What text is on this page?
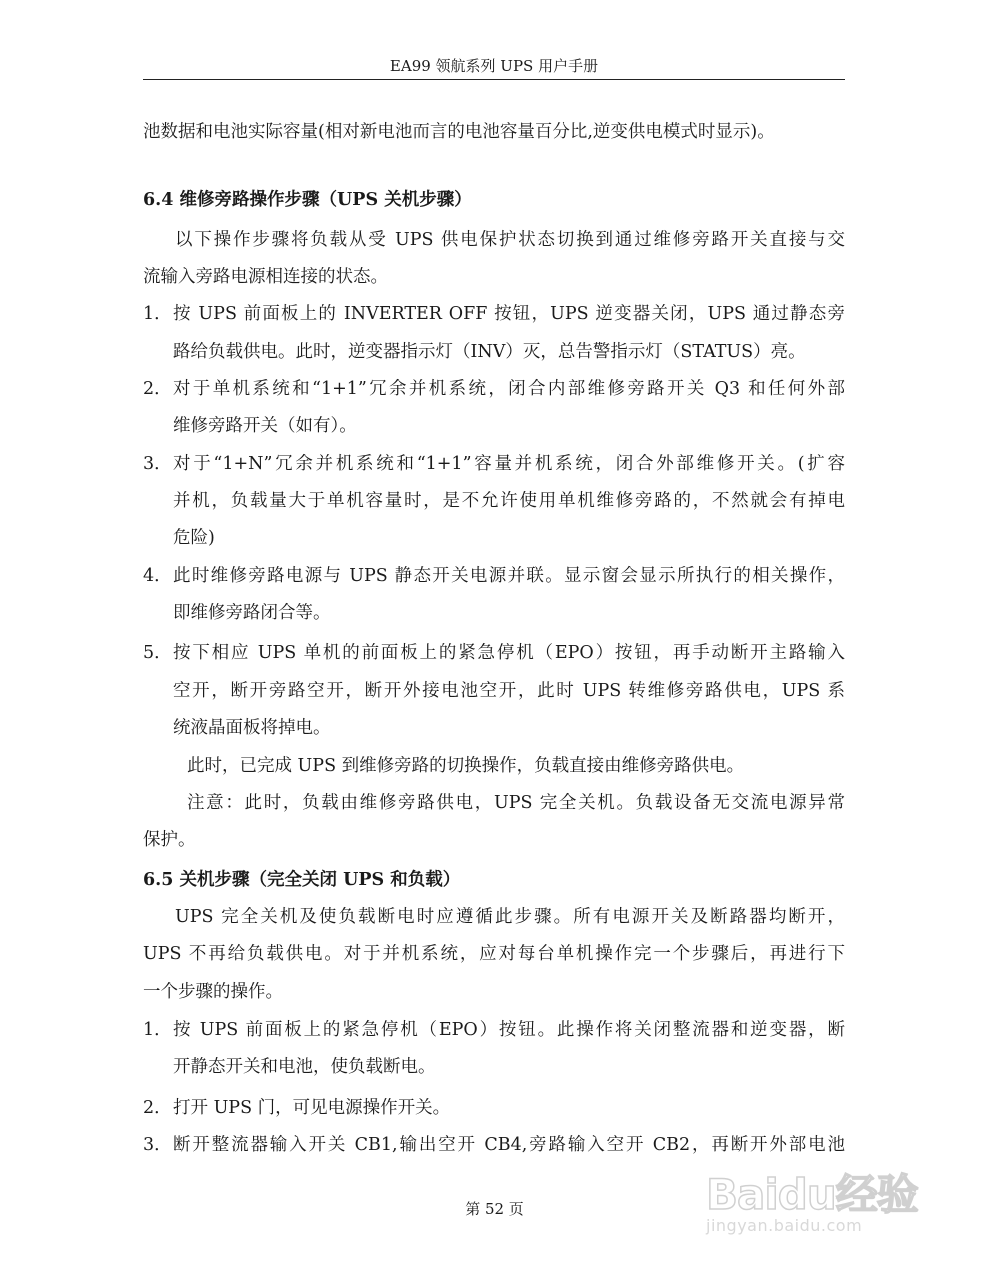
EA99 领航系列 UPS 用户手册
池数据和电池实际容量(相对新电池而言的电池容量百分比,逆变供电模式时显示)。
6.4 维修旁路操作步骤（UPS 关机步骤）
以下操作步骤将负载从受 UPS 供电保护状态切换到通过维修旁路开关直接与交
流输入旁路电源相连接的状态。
1． 按 UPS 前面板上的 INVERTER OFF 按钮，UPS 逆变器关闭，UPS 通过静态旁
路给负载供电。此时，逆变器指示灯（INV）灭，总告警指示灯（STATUS）亮。
2． 对于单机系统和“1+1”冗余并机系统，闭合内部维修旁路开关 Q3 和任何外部
维修旁路开关（如有）。
3． 对于“1+N”冗余并机系统和“1+1”容量并机系统，闭合外部维修开关。(扩容
并机，负载量大于单机容量时，是不允许使用单机维修旁路的，不然就会有掉电
危险)
4． 此时维修旁路电源与 UPS 静态开关电源并联。显示窗会显示所执行的相关操作，
即维修旁路闭合等。
5． 按下相应 UPS 单机的前面板上的紧急停机（EPO）按钮，再手动断开主路输入
空开，断开旁路空开，断开外接电池空开，此时 UPS 转维修旁路供电，UPS 系
统液晶面板将掉电。
此时，已完成 UPS 到维修旁路的切换操作，负载直接由维修旁路供电。
注意：此时，负载由维修旁路供电，UPS 完全关机。负载设备无交流电源异常
保护。
6.5 关机步骤（完全关闭 UPS 和负载）
UPS 完全关机及使负载断电时应遵循此步骤。所有电源开关及断路器均断开，
UPS 不再给负载供电。对于并机系统，应对每台单机操作完一个步骤后，再进行下
一个步骤的操作。
1． 按 UPS 前面板上的紧急停机（EPO）按钮。此操作将关闭整流器和逆变器，断
开静态开关和电池，使负载断电。
2． 打开 UPS 门，可见电源操作开关。
3． 断开整流器输入开关 CB1,输出空开 CB4,旁路输入空开 CB2，再断开外部电池
Baidu经验
jingyan.baidu.com
第 52 页
